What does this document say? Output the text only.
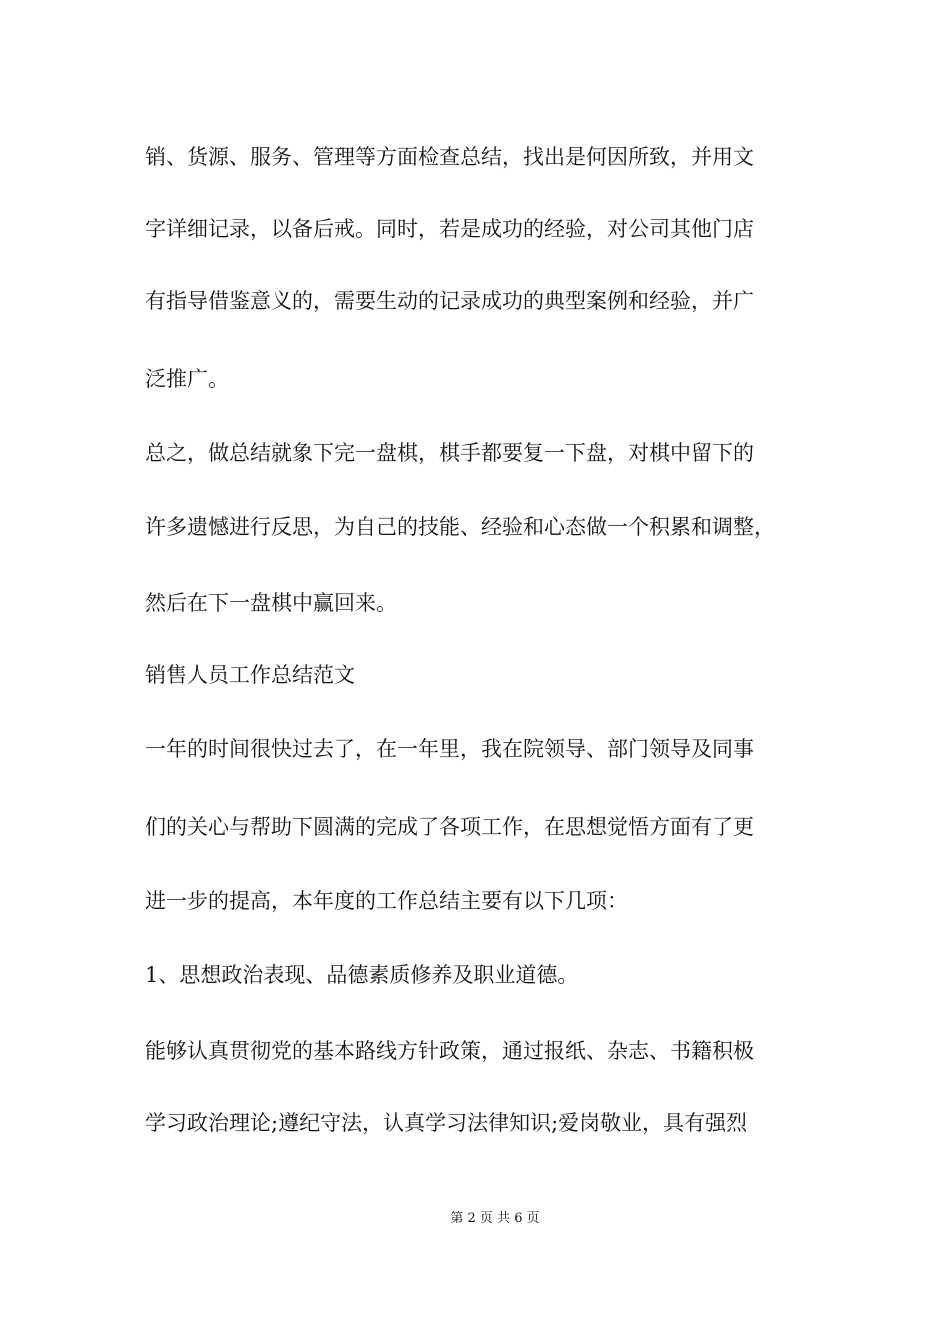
销、货源、服务、管理等方面检查总结，找出是何因所致，并用文
字详细记录，以备后戒。同时，若是成功的经验，对公司其他门店
有指导借鉴意义的，需要生动的记录成功的典型案例和经验，并广
泛推广。
总之，做总结就象下完一盘棋，棋手都要复一下盘，对棋中留下的
许多遗憾进行反思，为自己的技能、经验和心态做一个积累和调整，
然后在下一盘棋中赢回来。
销售人员工作总结范文
一年的时间很快过去了，在一年里，我在院领导、部门领导及同事
们的关心与帮助下圆满的完成了各项工作，在思想觉悟方面有了更
进一步的提高，本年度的工作总结主要有以下几项：
1、思想政治表现、品德素质修养及职业道德。
能够认真贯彻党的基本路线方针政策，通过报纸、杂志、书籍积极
学习政治理论;遵纪守法，认真学习法律知识;爱岗敬业，具有强烈
第 2 页 共 6 页
